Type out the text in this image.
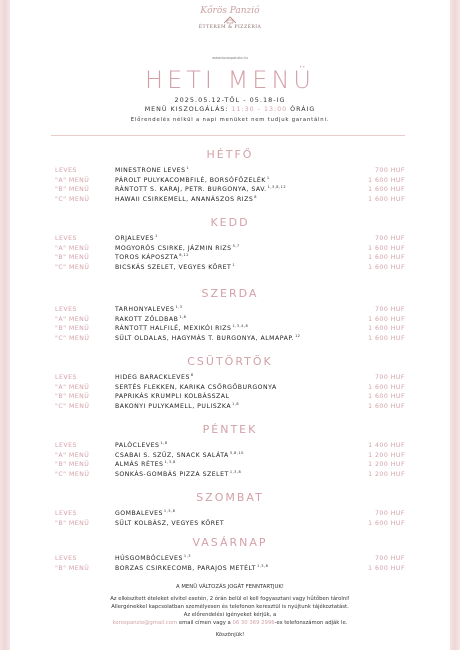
Kőrös Panzió
ÉTTEREM & PIZZÉRIA
www.korospanzio.hu
HETI MENÜ
2025.05.12-TŐL - 05.18-IG
MENÜ KISZOLGÁLÁS: 11:30 - 13:00 ÓRÁIG
Előrendelés nélkül a napi menüket nem tudjuk garantálni.
HÉTFŐ
LEVES	MINESTRONE LEVES$^1$	700 HUF
"A" MENÜ	PÁROLT PULYKACOMBFILÉ, BORSÓFŐZELÉK$^1$	1 600 HUF
"B" MENÜ	RÁNTOTT S. KARAJ, PETR. BURGONYA, SAV.$^{1,3,8,12}$	1 600 HUF
"C" MENÜ	HAWAII CSIRKEMELL, ANANÁSZOS RIZS$^8$	1 600 HUF
KEDD
LEVES	ORJALEVES$^1$	700 HUF
"A" MENÜ	MOGYORÓS CSIRKE, JÁZMIN RIZS$^{5,7}$	1 600 HUF
"B" MENÜ	TOROS KÁPOSZTA$^{8,12}$	1 600 HUF
"C" MENÜ	BICSKÁS SZELET, VEGYES KÖRET$^1$	1 600 HUF
SZERDA
LEVES	TARHONYALEVES$^{1,3}$	700 HUF
"A" MENÜ	RAKOTT ZÖLDBAB$^{1,8}$	1 600 HUF
"B" MENÜ	RÁNTOTT HALFILÉ, MEXIKÓI RIZS$^{1,3,4,8}$	1 600 HUF
"C" MENÜ	SÜLT OLDALAS, HAGYMÁS T. BURGONYA, ALMAPAP.$^{12}$	1 600 HUF
CSÜTÖRTÖK
LEVES	HIDEG BARACKLEVES$^8$	700 HUF
"A" MENÜ	SERTÉS FLEKKEN, KARIKA CSŐRGŐBURGONYA	1 600 HUF
"B" MENÜ	PAPRIKÁS KRUMPLI KOLBÁSSZAL	1 600 HUF
"C" MENÜ	BAKONYI PULYKAMELL, PULISZKA$^{1,8}$	1 600 HUF
PÉNTEK
LEVES	PALÓCLEVES$^{1,8}$	1 400 HUF
"A" MENÜ	CSABAI S. SZŰZ, SNACK SALÁTA$^{3,8,10}$	1 200 HUF
"B" MENÜ	ALMÁS RÉTES$^{1,3,8}$	1 200 HUF
"C" MENÜ	SONKÁS-GOMBÁS PIZZA SZELET$^{1,3,8}$	1 200 HUF
SZOMBAT
LEVES	GOMBALEVES$^{1,3,8}$	700 HUF
"B" MENÜ	SÜLT KOLBÁSZ, VEGYES KÖRET	1 600 HUF
VASÁRNAP
LEVES	HÚSGOMBÓCLEVES$^{1,3}$	700 HUF
"B" MENÜ	BORZAS CSIRKECOMB, PARAJOS METÉLT$^{1,3,8}$	1 600 HUF
A MENÜ VÁLTOZÁS JOGÁT FENNTARTJUK!
Az elkészített ételeket elvitel esetén, 2 órán belül el kell fogyasztani vagy hűtőben tárolni!
Allergénekkel kapcsolatban személyesen és telefonon keresztül is nyújtunk tájékoztatást.
Az előrendelési igényeket kérjük, a
korospanzio@gmail.com email címen vagy a 06 30 369 2996-es telefonszámon adják le.
Köszönjük!
